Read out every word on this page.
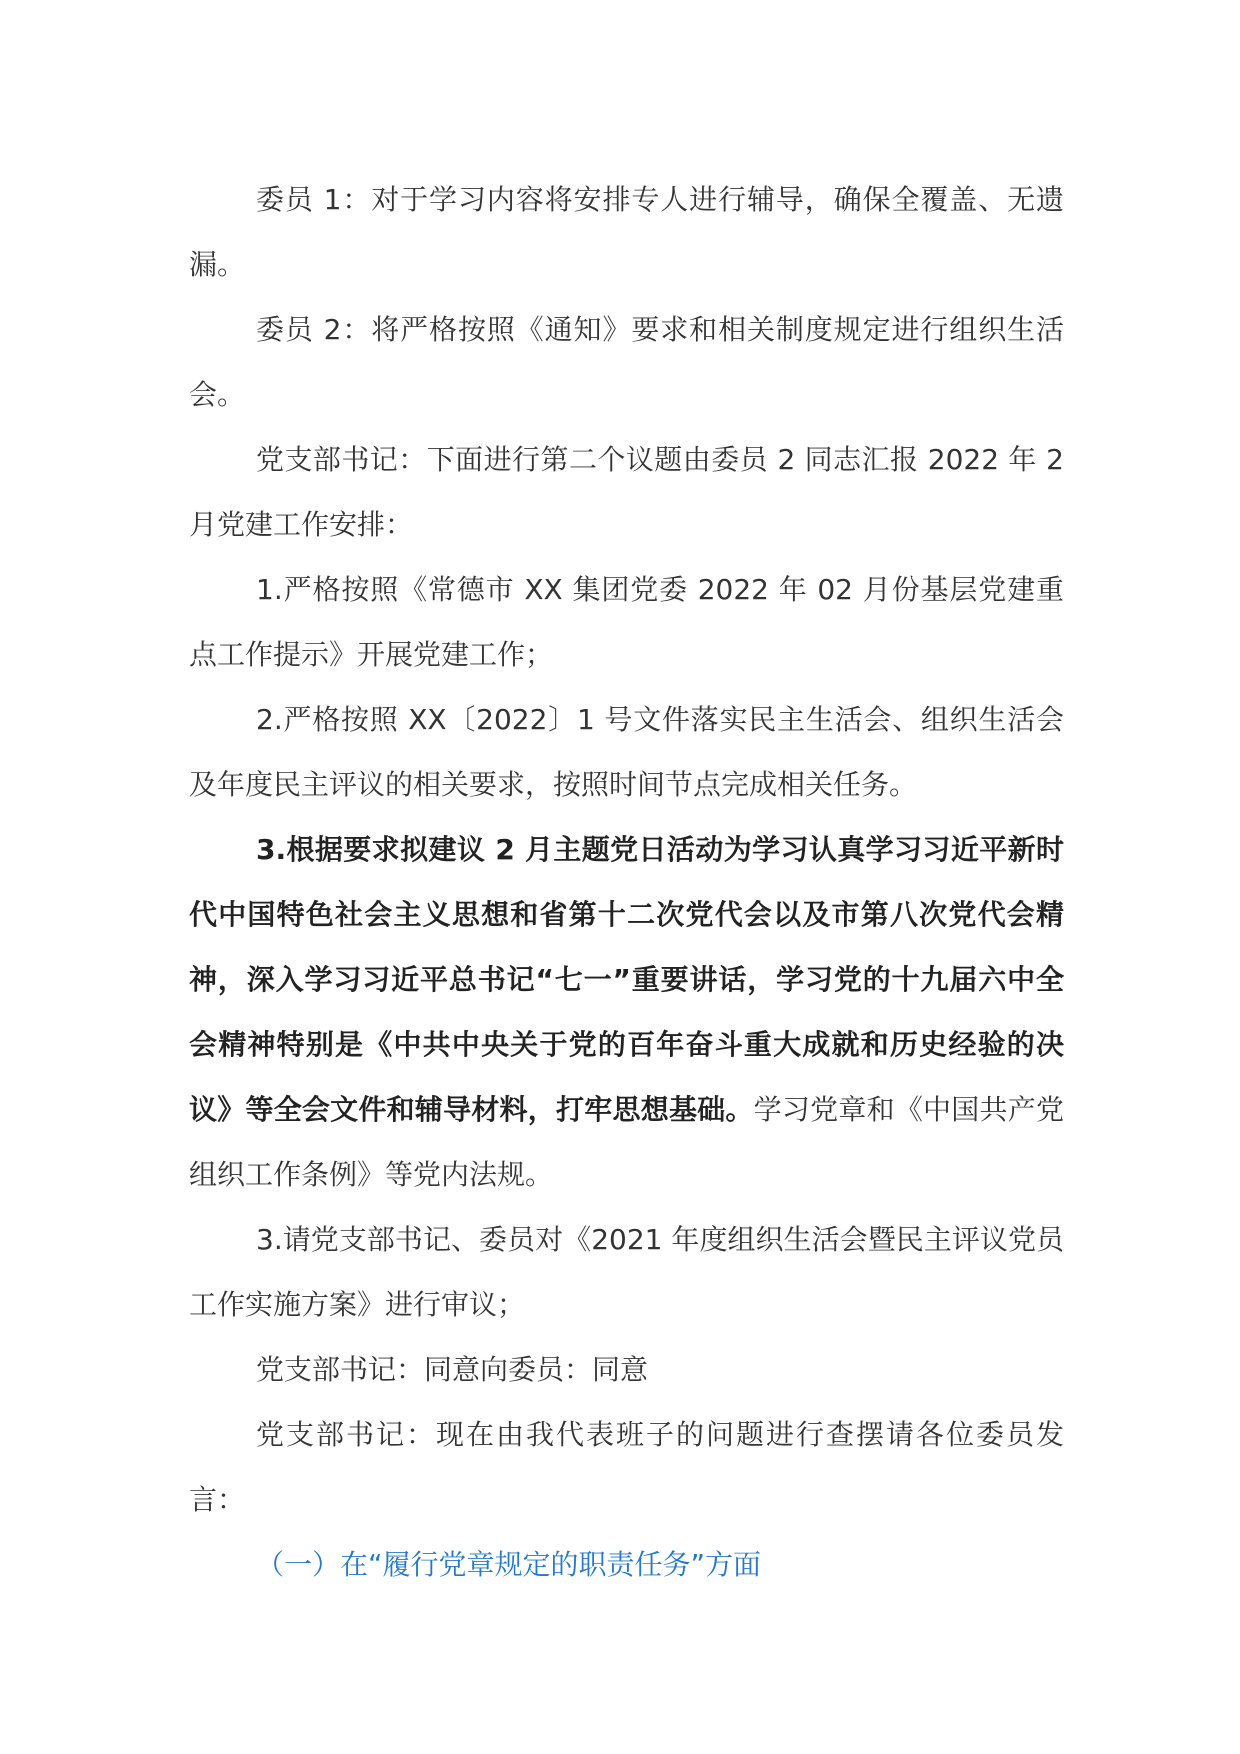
委员 1：对于学习内容将安排专人进行辅导，确保全覆盖、无遗漏。

委员 2：将严格按照《通知》要求和相关制度规定进行组织生活会。

党支部书记：下面进行第二个议题由委员 2 同志汇报 2022 年 2 月党建工作安排：

1.严格按照《常德市 XX 集团党委 2022 年 02 月份基层党建重点工作提示》开展党建工作；

2.严格按照 XX〔2022〕1 号文件落实民主生活会、组织生活会及年度民主评议的相关要求，按照时间节点完成相关任务。

3.根据要求拟建议 2 月主题党日活动为学习认真学习习近平新时代中国特色社会主义思想和省第十二次党代会以及市第八次党代会精神，深入学习习近平总书记“七一”重要讲话，学习党的十九届六中全会精神特别是《中共中央关于党的百年奋斗重大成就和历史经验的决议》等全会文件和辅导材料，打牢思想基础。学习党章和《中国共产党组织工作条例》等党内法规。

3.请党支部书记、委员对《2021 年度组织生活会暨民主评议党员工作实施方案》进行审议；

党支部书记：同意向委员：同意

党支部书记：现在由我代表班子的问题进行查摆请各位委员发言：

（一）在“履行党章规定的职责任务”方面
